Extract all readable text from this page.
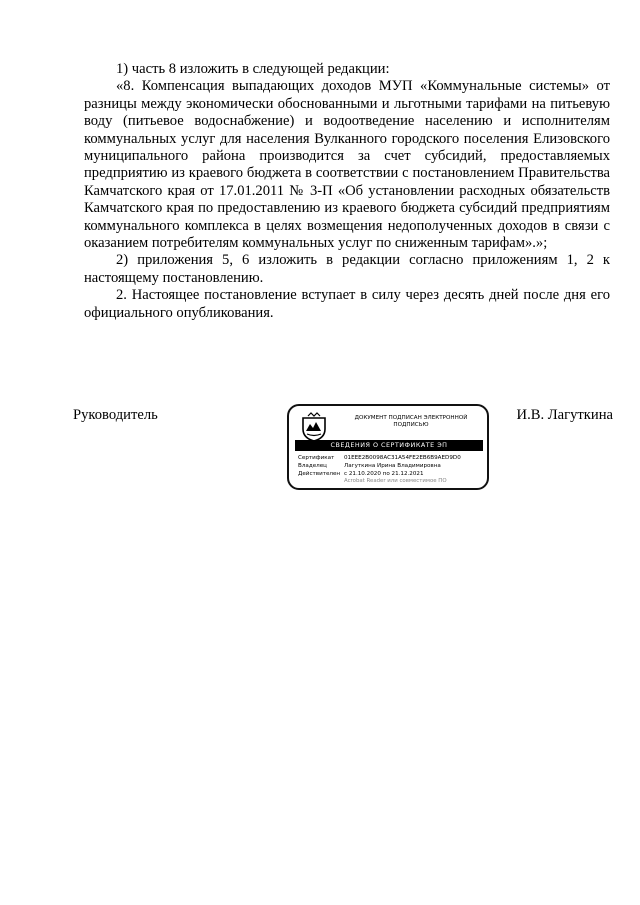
1) часть 8 изложить в следующей редакции:

«8. Компенсация выпадающих доходов МУП «Коммунальные системы» от разницы между экономически обоснованными и льготными тарифами на питьевую воду (питьевое водоснабжение) и водоотведение населению и исполнителям коммунальных услуг для населения Вулканного городского поселения Елизовского муниципального района производится за счет субсидий, предоставляемых предприятию из краевого бюджета в соответствии с постановлением Правительства Камчатского края от 17.01.2011 № 3-П «Об установлении расходных обязательств Камчатского края по предоставлению из краевого бюджета субсидий предприятиям коммунального комплекса в целях возмещения недополученных доходов в связи с оказанием потребителям коммунальных услуг по сниженным тарифам».»;

2) приложения 5, 6 изложить в редакции согласно приложениям 1, 2 к настоящему постановлению.

2. Настоящее постановление вступает в силу через десять дней после дня его официального опубликования.

Руководитель	И.В. Лагуткина
ДОКУМЕНТ ПОДПИСАН ЭЛЕКТРОННОЙ ПОДПИСЬЮ
СВЕДЕНИЯ О СЕРТИФИКАТЕ ЭП
Сертификат	01EEE2B0098AC31A54FE2EB6B9AED9D0
Владелец	Лагуткина Ирина Владимировна
Действителен с 21.10.2020 по 21.12.2021
Acrobat Reader или совместимое ПО
